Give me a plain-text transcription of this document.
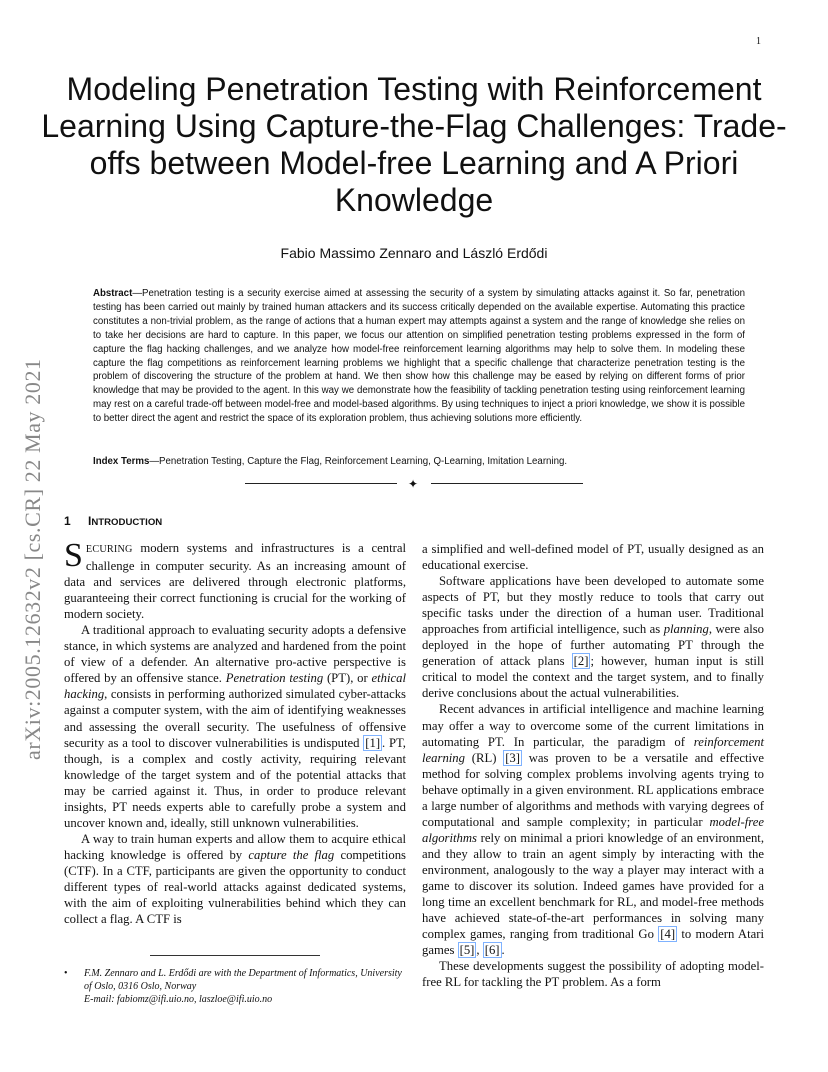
1
arXiv:2005.12632v2 [cs.CR] 22 May 2021
Modeling Penetration Testing with Reinforcement Learning Using Capture-the-Flag Challenges: Trade-offs between Model-free Learning and A Priori Knowledge
Fabio Massimo Zennaro and László Erdődi

Abstract—Penetration testing is a security exercise aimed at assessing the security of a system by simulating attacks against it. So far, penetration testing has been carried out mainly by trained human attackers and its success critically depended on the available expertise. Automating this practice constitutes a non-trivial problem, as the range of actions that a human expert may attempts against a system and the range of knowledge she relies on to take her decisions are hard to capture. In this paper, we focus our attention on simplified penetration testing problems expressed in the form of capture the flag hacking challenges, and we analyze how model-free reinforcement learning algorithms may help to solve them. In modeling these capture the flag competitions as reinforcement learning problems we highlight that a specific challenge that characterize penetration testing is the problem of discovering the structure of the problem at hand. We then show how this challenge may be eased by relying on different forms of prior knowledge that may be provided to the agent. In this way we demonstrate how the feasibility of tackling penetration testing using reinforcement learning may rest on a careful trade-off between model-free and model-based algorithms. By using techniques to inject a priori knowledge, we show it is possible to better direct the agent and restrict the space of its exploration problem, thus achieving solutions more efficiently.

Index Terms—Penetration Testing, Capture the Flag, Reinforcement Learning, Q-Learning, Imitation Learning.

✦
1 INTRODUCTION

SECURING modern systems and infrastructures is a central challenge in computer security. As an increasing amount of data and services are delivered through electronic platforms, guaranteeing their correct functioning is crucial for the working of modern society.

A traditional approach to evaluating security adopts a defensive stance, in which systems are analyzed and hardened from the point of view of a defender. An alternative pro-active perspective is offered by an offensive stance. Penetration testing (PT), or ethical hacking, consists in performing authorized simulated cyber-attacks against a computer system, with the aim of identifying weaknesses and assessing the overall security. The usefulness of offensive security as a tool to discover vulnerabilities is undisputed [1] . PT, though, is a complex and costly activity, requiring relevant knowledge of the target system and of the potential attacks that may be carried against it. Thus, in order to produce relevant insights, PT needs experts able to carefully probe a system and uncover known and, ideally, still unknown vulnerabilities.

A way to train human experts and allow them to acquire ethical hacking knowledge is offered by capture the flag competitions (CTF). In a CTF, participants are given the opportunity to conduct different types of real-world attacks against dedicated systems, with the aim of exploiting vulnerabilities behind which they can collect a flag. A CTF is

a simplified and well-defined model of PT, usually designed as an educational exercise.

Software applications have been developed to automate some aspects of PT, but they mostly reduce to tools that carry out specific tasks under the direction of a human user. Traditional approaches from artificial intelligence, such as planning, were also deployed in the hope of further automating PT through the generation of attack plans [2] ; however, human input is still critical to model the context and the target system, and to finally derive conclusions about the actual vulnerabilities.

Recent advances in artificial intelligence and machine learning may offer a way to overcome some of the current limitations in automating PT. In particular, the paradigm of reinforcement learning (RL) [3] was proven to be a versatile and effective method for solving complex problems involving agents trying to behave optimally in a given environment. RL applications embrace a large number of algorithms and methods with varying degrees of computational and sample complexity; in particular model-free algorithms rely on minimal a priori knowledge of an environment, and they allow to train an agent simply by interacting with the environment, analogously to the way a player may interact with a game to discover its solution. Indeed games have provided for a long time an excellent benchmark for RL, and model-free methods have achieved state-of-the-art performances in solving many complex games, ranging from traditional Go [4] to modern Atari games [5] , [6] .

These developments suggest the possibility of adopting model-free RL for tackling the PT problem. As a form

• F.M. Zennaro and L. Erdődi are with the Department of Informatics, University of Oslo, 0316 Oslo, Norway
E-mail: fabiomz@ifi.uio.no, laszloe@ifi.uio.no
